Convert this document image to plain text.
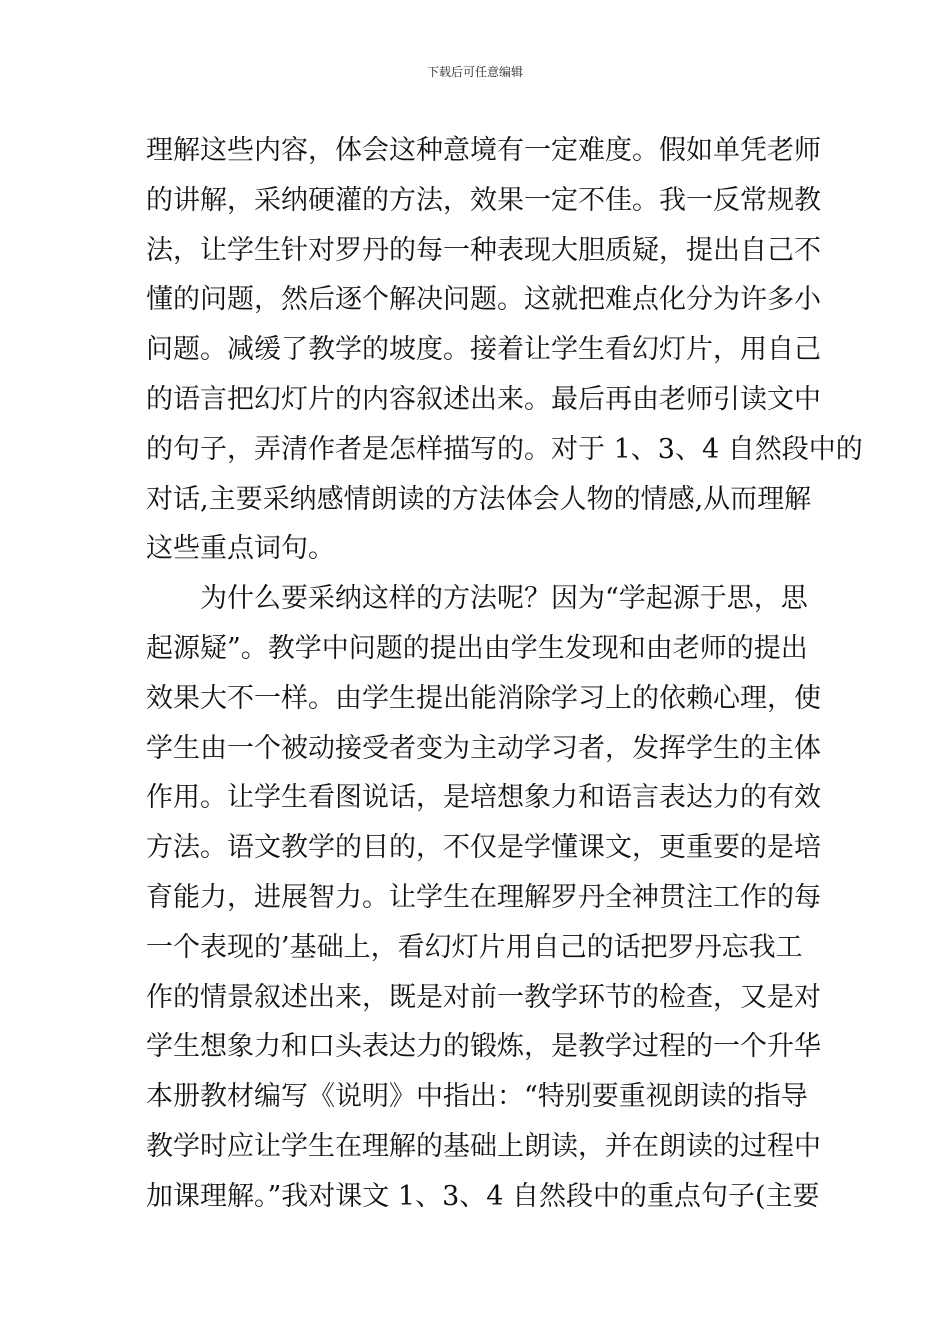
下载后可任意编辑
理解这些内容，体会这种意境有一定难度。假如单凭老师
的讲解，采纳硬灌的方法，效果一定不佳。我一反常规教
法，让学生针对罗丹的每一种表现大胆质疑，提出自己不
懂的问题，然后逐个解决问题。这就把难点化分为许多小
问题。减缓了教学的坡度。接着让学生看幻灯片，用自己
的语言把幻灯片的内容叙述出来。最后再由老师引读文中
的句子，弄清作者是怎样描写的。对于 1、3、4 自然段中的
对话,主要采纳感情朗读的方法体会人物的情感,从而理解
这些重点词句。
　　为什么要采纳这样的方法呢？因为“学起源于思，思
起源疑”。教学中问题的提出由学生发现和由老师的提出
效果大不一样。由学生提出能消除学习上的依赖心理，使
学生由一个被动接受者变为主动学习者，发挥学生的主体
作用。让学生看图说话，是培想象力和语言表达力的有效
方法。语文教学的目的，不仅是学懂课文，更重要的是培
育能力，进展智力。让学生在理解罗丹全神贯注工作的每
一个表现的’基础上，看幻灯片用自己的话把罗丹忘我工
作的情景叙述出来，既是对前一教学环节的检查，又是对
学生想象力和口头表达力的锻炼，是教学过程的一个升华
本册教材编写《说明》中指出：“特别要重视朗读的指导
教学时应让学生在理解的基础上朗读，并在朗读的过程中
加课理解。”我对课文 1、3、4 自然段中的重点句子(主要
